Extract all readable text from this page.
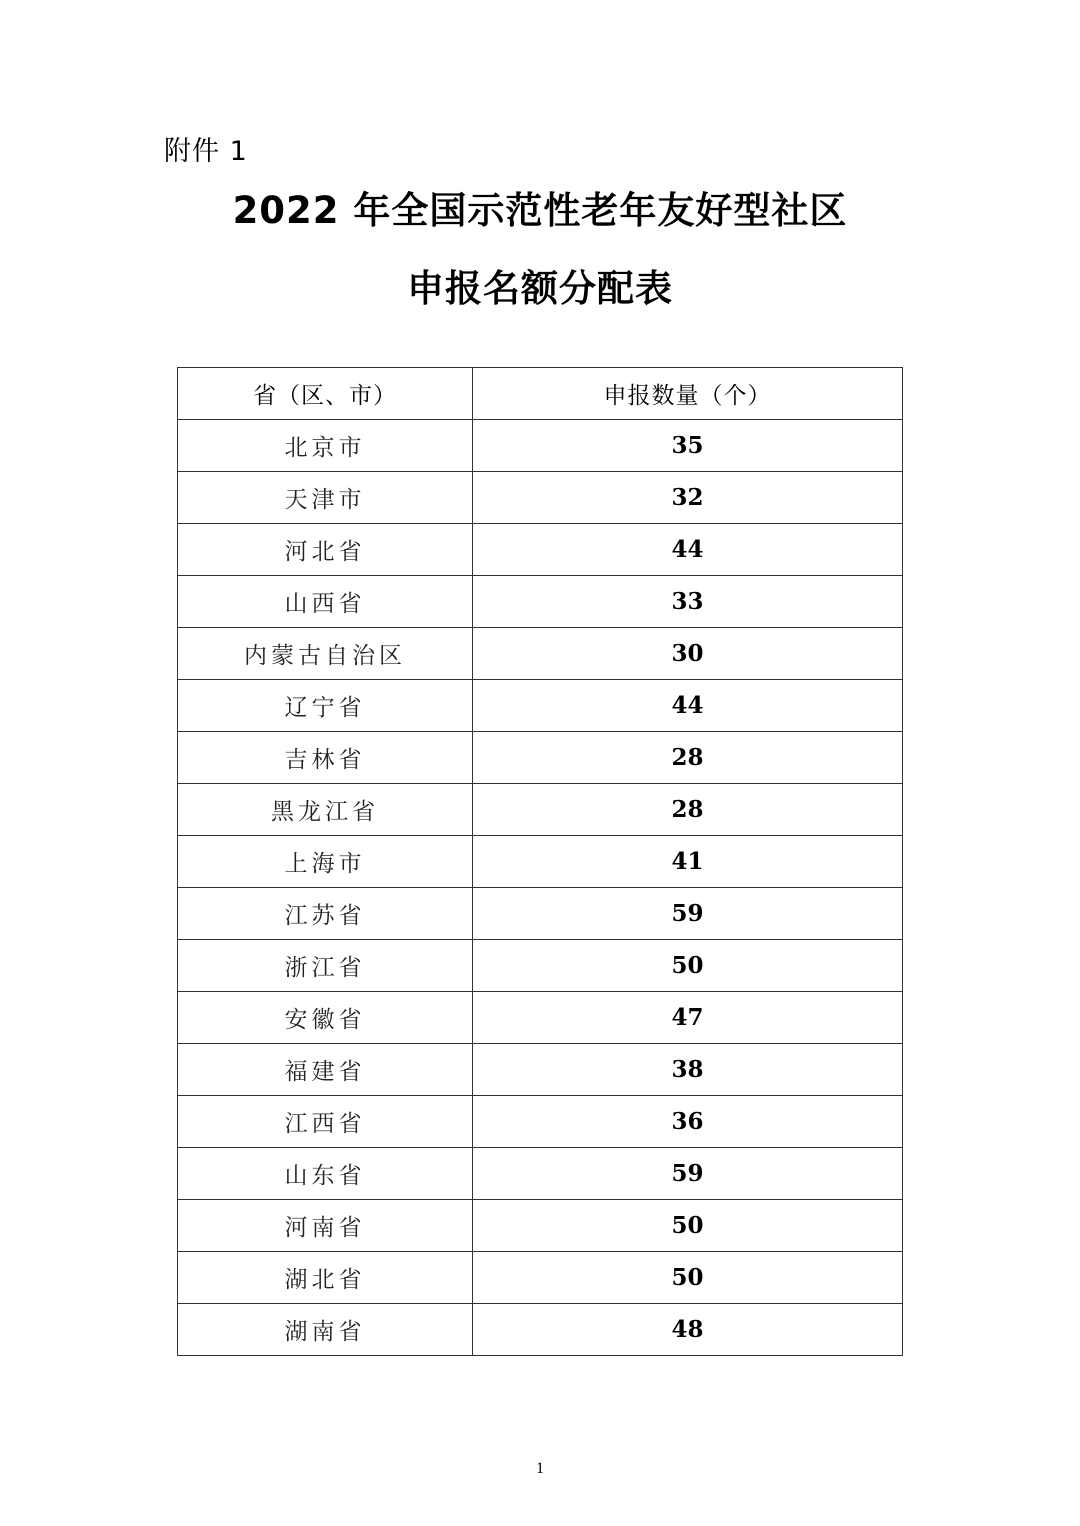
附件 1
2022 年全国示范性老年友好型社区
申报名额分配表
省（区、市）	申报数量（个）
北京市	35
天津市	32
河北省	44
山西省	33
内蒙古自治区	30
辽宁省	44
吉林省	28
黑龙江省	28
上海市	41
江苏省	59
浙江省	50
安徽省	47
福建省	38
江西省	36
山东省	59
河南省	50
湖北省	50
湖南省	48
1
